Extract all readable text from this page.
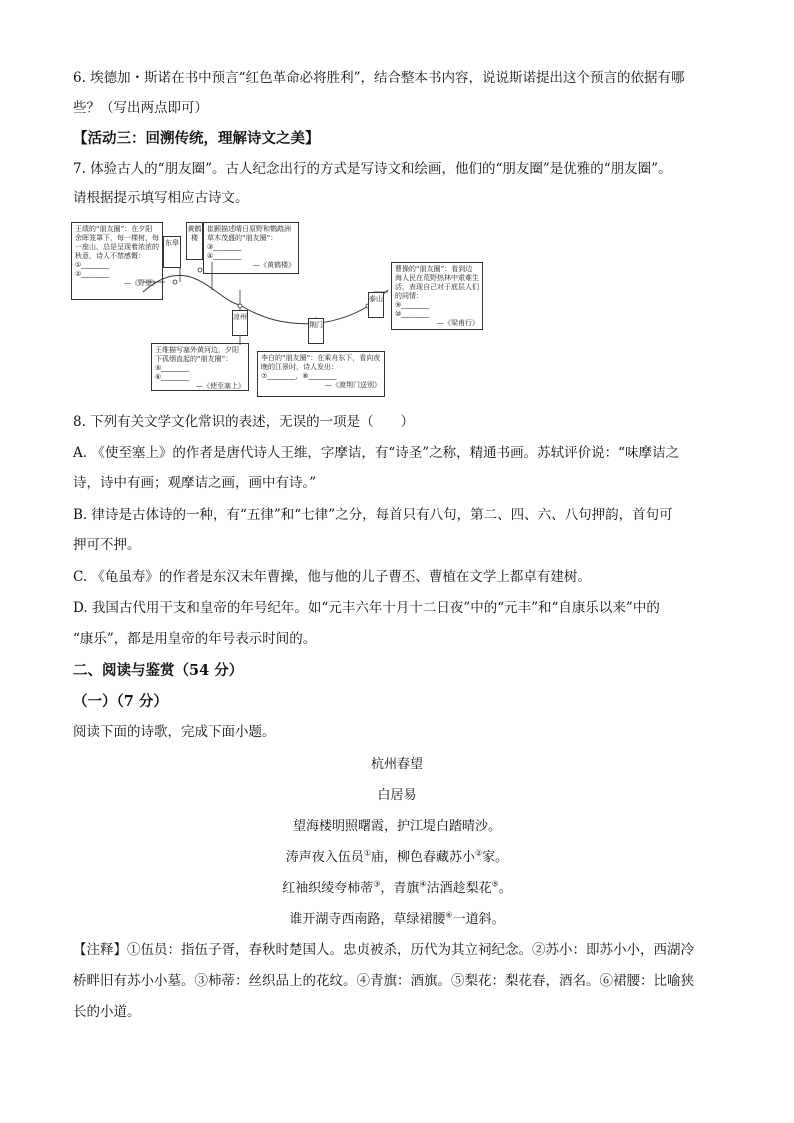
6. 埃德加・斯诺在书中预言“红色革命必将胜利”，结合整本书内容，说说斯诺提出这个预言的依据有哪
些？（写出两点即可）
【活动三：回溯传统，理解诗文之美】
7. 体验古人的“朋友圈”。古人纪念出行的方式是写诗文和绘画，他们的“朋友圈”是优雅的“朋友圈”。
请根据提示填写相应古诗文。
王绩的“朋友圈”：在夕阳余晖笼罩下，每一棵树，每一座山，总是呈现着浓浓的秋意，诗人不禁感慨：
①________
②________
—《野望》
东皋
黄鹤楼
崔颢描述晴日原野和鹦鹉洲草木茂盛的“朋友圈”：
③________
④________
—《黄鹤楼》	曹操的“朋友圈”：看到边海人民在荒野热林中艰难生活，表现自己对于底层人们的同情：
⑨________
⑩________
—《梁甫行》
泰山
凉州
荆门
王维描写塞外黄河边，夕阳下孤烟直起的“朋友圈”：
⑤________
⑥________
—《使至塞上》
李白的“朋友圈”：在乘舟东下，看向夜晚的江景时，诗人发出：
⑦________，⑧________
—《渡荆门送别》
8. 下列有关文学文化常识的表述，无误的一项是（　　）
A. 《使至塞上》的作者是唐代诗人王维，字摩诘，有“诗圣”之称，精通书画。苏轼评价说：“味摩诘之
诗，诗中有画；观摩诘之画，画中有诗。”
B. 律诗是古体诗的一种，有“五律”和“七律”之分，每首只有八句，第二、四、六、八句押韵，首句可
押可不押。
C. 《龟虽寿》的作者是东汉末年曹操，他与他的儿子曹丕、曹植在文学上都卓有建树。
D. 我国古代用干支和皇帝的年号纪年。如“元丰六年十月十二日夜”中的“元丰”和“自康乐以来”中的
“康乐”，都是用皇帝的年号表示时间的。
二、阅读与鉴赏（54 分）
（一）（7 分）
阅读下面的诗歌，完成下面小题。
杭州春望
白居易
望海楼明照曙霞，护江堤白踏晴沙。
涛声夜入伍员①庙，柳色春藏苏小②家。
红袖织绫夸柿蒂③，青旗④沽酒趁梨花⑤。
谁开湖寺西南路，草绿裙腰⑥一道斜。
【注释】①伍员：指伍子胥，春秋时楚国人。忠贞被杀，历代为其立祠纪念。②苏小：即苏小小，西湖冷
桥畔旧有苏小小墓。③柿蒂：丝织品上的花纹。④青旗：酒旗。⑤梨花：梨花春，酒名。⑥裙腰：比喻狭
长的小道。
